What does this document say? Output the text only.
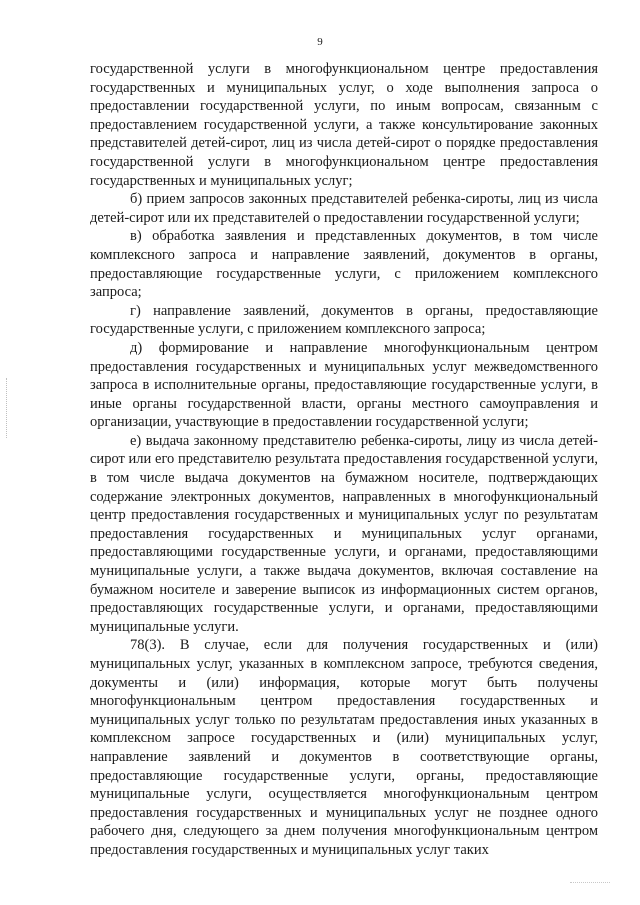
9

государственной услуги в многофункциональном центре предоставления государственных и муниципальных услуг, о ходе выполнения запроса о предоставлении государственной услуги, по иным вопросам, связанным с предоставлением государственной услуги, а также консультирование законных представителей детей-сирот, лиц из числа детей-сирот о порядке предоставления государственной услуги в многофункциональном центре предоставления государственных и муниципальных услуг;

б) прием запросов законных представителей ребенка-сироты, лиц из числа детей-сирот или их представителей о предоставлении государственной услуги;

в) обработка заявления и представленных документов, в том числе комплексного запроса и направление заявлений, документов в органы, предоставляющие государственные услуги, с приложением комплексного запроса;

г) направление заявлений, документов в органы, предоставляющие государственные услуги, с приложением комплексного запроса;

д) формирование и направление многофункциональным центром предоставления государственных и муниципальных услуг межведомственного запроса в исполнительные органы, предоставляющие государственные услуги, в иные органы государственной власти, органы местного самоуправления и организации, участвующие в предоставлении государственной услуги;

е) выдача законному представителю ребенка-сироты, лицу из числа детей-сирот или его представителю результата предоставления государственной услуги, в том числе выдача документов на бумажном носителе, подтверждающих содержание электронных документов, направленных в многофункциональный центр предоставления государственных и муниципальных услуг по результатам предоставления государственных и муниципальных услуг органами, предоставляющими государственные услуги, и органами, предоставляющими муниципальные услуги, а также выдача документов, включая составление на бумажном носителе и заверение выписок из информационных систем органов, предоставляющих государственные услуги, и органами, предоставляющими муниципальные услуги.

78(3). В случае, если для получения государственных и (или) муниципальных услуг, указанных в комплексном запросе, требуются сведения, документы и (или) информация, которые могут быть получены многофункциональным центром предоставления государственных и муниципальных услуг только по результатам предоставления иных указанных в комплексном запросе государственных и (или) муниципальных услуг, направление заявлений и документов в соответствующие органы, предоставляющие государственные услуги, органы, предоставляющие муниципальные услуги, осуществляется многофункциональным центром предоставления государственных и муниципальных услуг не позднее одного рабочего дня, следующего за днем получения многофункциональным центром предоставления государственных и муниципальных услуг таких
